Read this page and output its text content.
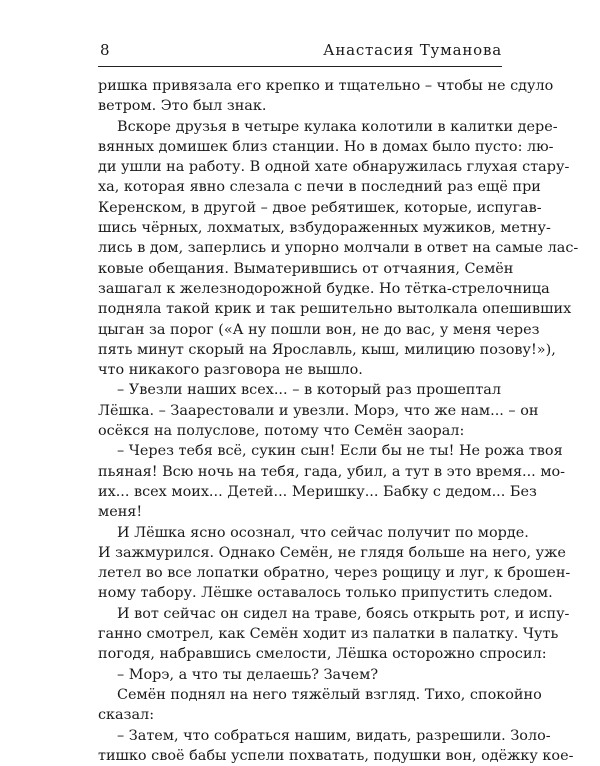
8	Анастасия Туманова
ришка привязала его крепко и тщательно – чтобы не сдуло
ветром. Это был знак.
Вскоре друзья в четыре кулака колотили в калитки дере-
вянных домишек близ станции. Но в домах было пусто: лю-
ди ушли на работу. В одной хате обнаружилась глухая стару-
ха, которая явно слезала с печи в последний раз ещё при
Керенском, в другой – двое ребятишек, которые, испугав-
шись чёрных, лохматых, взбудораженных мужиков, метну-
лись в дом, заперлись и упорно молчали в ответ на самые лас-
ковые обещания. Выматерившись от отчаяния, Семён
зашагал к железнодорожной будке. Но тётка-стрелочница
подняла такой крик и так решительно вытолкала опешивших
цыган за порог («А ну пошли вон, не до вас, у меня через
пять минут скорый на Ярославль, кыш, милицию позову!»),
что никакого разговора не вышло.
– Увезли наших всех... – в который раз прошептал
Лёшка. – Заарестовали и увезли. Морэ, что же нам... – он
осёкся на полуслове, потому что Семён заорал:
– Через тебя всё, сукин сын! Если бы не ты! Не рожа твоя
пьяная! Всю ночь на тебя, гада, убил, а тут в это время... мо-
их... всех моих... Детей... Меришку... Бабку с дедом... Без
меня!
И Лёшка ясно осознал, что сейчас получит по морде.
И зажмурился. Однако Семён, не глядя больше на него, уже
летел во все лопатки обратно, через рощицу и луг, к брошен-
ному табору. Лёшке оставалось только припустить следом.
И вот сейчас он сидел на траве, боясь открыть рот, и испу-
ганно смотрел, как Семён ходит из палатки в палатку. Чуть
погодя, набравшись смелости, Лёшка осторожно спросил:
– Морэ, а что ты делаешь? Зачем?
Семён поднял на него тяжёлый взгляд. Тихо, спокойно
сказал:
– Затем, что собраться нашим, видать, разрешили. Золо-
тишко своё бабы успели похватать, подушки вон, одёжку кое-
